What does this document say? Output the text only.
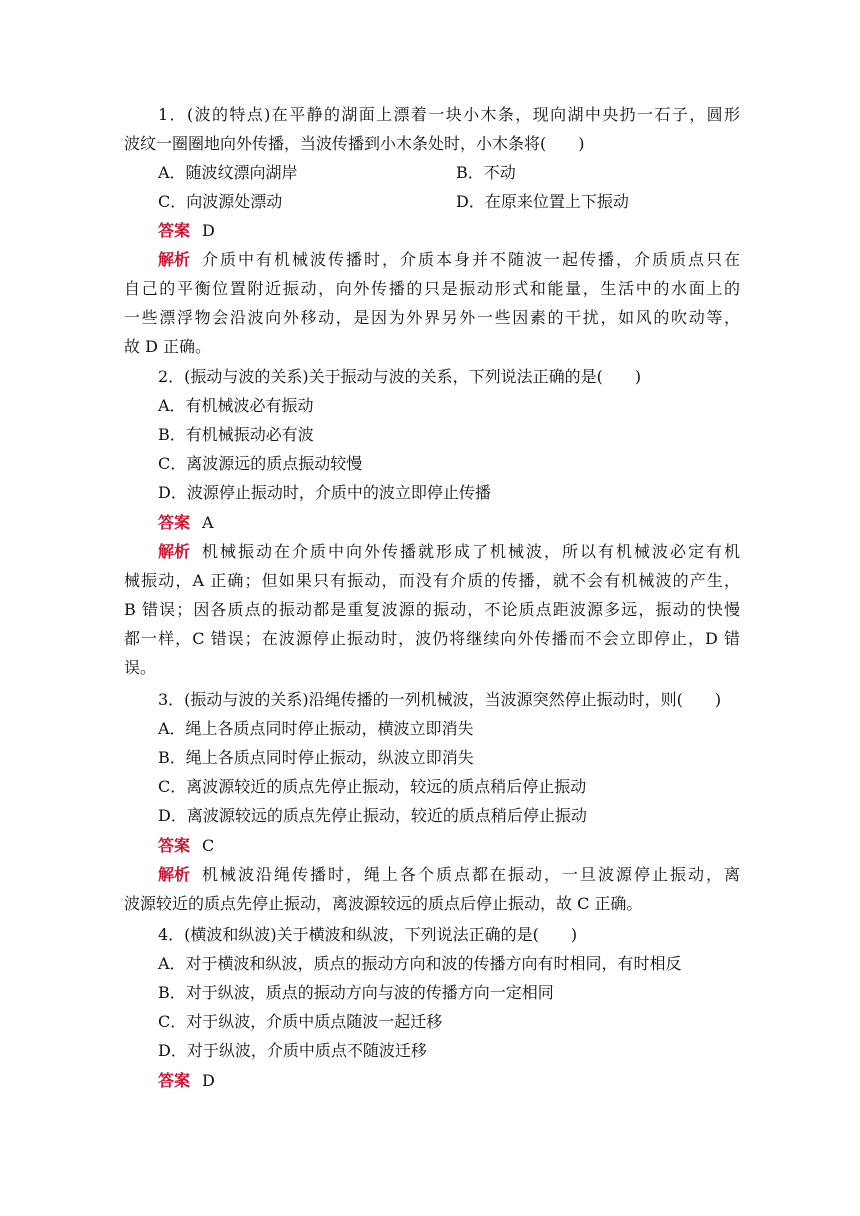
1．(波的特点)在平静的湖面上漂着一块小木条，现向湖中央扔一石子，圆形
波纹一圈圈地向外传播，当波传播到小木条处时，小木条将(　　)
A．随波纹漂向湖岸	B．不动
C．向波源处漂动	D．在原来位置上下振动
答案 D
解析 介质中有机械波传播时，介质本身并不随波一起传播，介质质点只在
自己的平衡位置附近振动，向外传播的只是振动形式和能量，生活中的水面上的
一些漂浮物会沿波向外移动，是因为外界另外一些因素的干扰，如风的吹动等，
故 D 正确。
2．(振动与波的关系)关于振动与波的关系，下列说法正确的是(　　)
A．有机械波必有振动
B．有机械振动必有波
C．离波源远的质点振动较慢
D．波源停止振动时，介质中的波立即停止传播
答案 A
解析 机械振动在介质中向外传播就形成了机械波，所以有机械波必定有机
械振动，A 正确；但如果只有振动，而没有介质的传播，就不会有机械波的产生，
B 错误；因各质点的振动都是重复波源的振动，不论质点距波源多远，振动的快慢
都一样，C 错误；在波源停止振动时，波仍将继续向外传播而不会立即停止，D 错
误。
3．(振动与波的关系)沿绳传播的一列机械波，当波源突然停止振动时，则(　　)
A．绳上各质点同时停止振动，横波立即消失
B．绳上各质点同时停止振动，纵波立即消失
C．离波源较近的质点先停止振动，较远的质点稍后停止振动
D．离波源较远的质点先停止振动，较近的质点稍后停止振动
答案 C
解析 机械波沿绳传播时，绳上各个质点都在振动，一旦波源停止振动，离
波源较近的质点先停止振动，离波源较远的质点后停止振动，故 C 正确。
4．(横波和纵波)关于横波和纵波，下列说法正确的是(　　)
A．对于横波和纵波，质点的振动方向和波的传播方向有时相同，有时相反
B．对于纵波，质点的振动方向与波的传播方向一定相同
C．对于纵波，介质中质点随波一起迁移
D．对于纵波，介质中质点不随波迁移
答案 D
